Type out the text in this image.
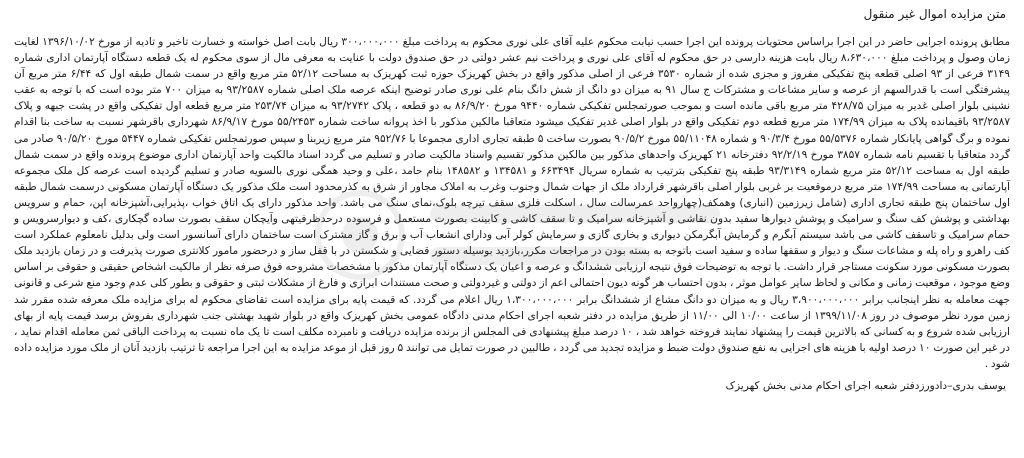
متن مزایده اموال غیر منقول

مطابق پرونده اجرایی حاضر در این اجرا براساس محتویات پرونده این اجرا حسب نیابت محکوم علیه آقای علی نوری محکوم به پرداخت مبلغ ۳۰۰،۰۰۰،۰۰۰ ریال بابت اصل خواسته و خسارت تاخیر و تادیه از مورخ ۱۳۹۶/۱۰/۰۲ لغایت زمان وصول و پرداخت مبلغ ۸،۶۳۰،۰۰۰ ریال بابت هزینه دارسی در حق محکوم له آقای علی نوری و پرداخت نیم عشر دولتی در حق صندوق دولت با عنایت به معرفی مال از سوی محکوم له یک قطعه دستگاه آپارتمان اداری شماره ۳۱۴۹ فرعی از ۹۳ اصلی قطعه پنج تفکیکی مفروز و مجزی شده از شماره ۳۵۳۰ فرعی از اصلی مذکور واقع در بخش کهریزک حوزه ثبت کهریزک به مساحت ۵۲/۱۲ متر مربع واقع در سمت شمال طبقه اول که ۶/۴۴ متر مربع آن پیشرفتگی است با قدرالسهم از عرصه و سایر مشاعات و مشترکات ج سال ۹۱ به میزان دو دانگ از شش دانگ بنام علی نوری صادر توضیح اینکه عرصه ملک اصلی شماره ۹۳/۲۵۸۷ به میزان ۷۰۰ متر بوده است که با توجه به عقب نشینی بلوار اصلی غدیر به میزان ۴۲۸/۷۵ متر مربع باقی مانده است و بموجب صورتمجلس تفکیکی شماره ۹۴۴۰ مورخ ۸۶/۹/۲۰ به دو قطعه ، پلاک ۹۳/۲۷۴۲ به میزان ۲۵۳/۷۴ متر مربع قطعه اول تفکیکی واقع در پشت جبهه و پلاک ۹۳/۲۵۸۷ باقیمانده پلاک به میزان ۱۷۴/۹۹ متر مربع قطعه دوم تفکیکی واقع در بلوار اصلی غدیر تفکیک میشود متعاقبا مالکین مذکور با اخذ پروانه ساخت شماره ۵۵/۲۴۵۳ مورخ ۸۶/۹/۱۷ شهرداری باقرشهر نسبت به ساخت بنا اقدام نموده و برگ گواهی پایانکار شماره ۵۵/۵۳۷۶ مورخ ۹۰/۳/۴ و شماره ۵۵/۱۱۰۴۸ مورخ ۹۰/۵/۲ بصورت ساخت ۵ طبقه تجاری اداری مجموعا با ۹۵۲/۷۶ متر مربع زیربنا و سپس صورتمجلس تفکیکی شماره ۵۴۴۷ مورخ ۹۰/۵/۲۰ صادر می گردد متعاقبا با تقسیم نامه شماره ۳۸۵۷ مورخ ۹۲/۲/۱۹ دفترخانه ۲۱ کهریزک واحدهای مذکور بین مالکین مذکور تقسیم واسناد مالکیت صادر و تسلیم می گردد اسناد مالکیت واحد آپارتمان اداری موضوع پرونده واقع در سمت شمال طبقه اول به مساحت ۵۲/۱۲ متر مربع شماره ۹۳/۳۱۴۹ طبقه پنج تفکیکی بترتیب به شماره سریال ۶۶۳۴۹۴ و ۱۳۴۵۸۱ و ۱۴۸۵۸۲ بنام حامد ،علی و وحید همگی نوری بالسویه صادر و تسلیم گردیده است عرصه کل ملک مجموعه آپارتمانی به مساحت ۱۷۴/۹۹ متر مربع درموقعیت بر غربی بلوار اصلی باقرشهر قرارداد ملک از جهات شمال وجنوب وغرب به املاک مجاور از شرق به کذرمحدود است ملک مذکور یک دستگاه آپارتمان مسکونی درسمت شمال طبقه اول ساختمان پنج طبقه تجاری اداری (شامل زیرزمین (انباری) وهمکف(چهارواحد عمرسالت سال ، اسکلت فلزی سقف تیرچه بلوک،نمای سنگ می باشد. واحد مذکور دارای یک اتاق خواب ،پذیرایی،آشپزخانه اپن، حمام و سرویس بهداشتی و پوشش کف سنگ و سرامیک و پوشش دیوارها سفید بدون نقاشی و آشپزخانه سرامیک و تا سقف کاشی و کابینت بصورت مستعمل و فرسوده درحدظرفیتهی وآیچکان سقف بصورت ساده گچکاری ،کف و دیوارسرویس و حمام سرامیک و تاسقف کاشی می باشد سیستم آبگرم و گرمایش آبگرمکن دیواری و بخاری گازی و سرمایش کولر آبی ودارای انشعاب آب و برق و گاز مشترک است ساختمان دارای آسانسور است ولی بدلیل نامعلوم عملکرد است کف راهرو و راه پله و مشاعات سنگ و دیوار و سقفها ساده و سفید است باتوجه به بسته بودن در مراجعات مکرر،بازدید بوسیله دستور قضایی و شکستن در با قفل ساز و درحضور مامور کلانتری صورت پذیرفت و در زمان بازدید ملک بصورت مسکونی مورد سکونت مستاجر قرار داشت. با توجه به توضیحات فوق نتیجه ارزیابی ششدانگ و عرصه و اعیان یک دستگاه آپارتمان مذکور با مشخصات مشروحه فوق صرفه نظر از مالکیت اشخاص حقیقی و حقوقی بر اساس وضع موجود ، موقعیت زمانی و مکانی و لحاظ سایر عوامل موثر ، بدون احتساب هر گونه دیون احتمالی اعم از دولتی و غیردولتی و صحت مستندات ابرازی و فارغ از مشکلات ثبتی و حقوقی و بطور کلی عدم وجود منع شرعی و قانونی جهت معامله به نظر اینجانب برابر ۳،۹۰۰،۰۰۰،۰۰۰ ریال و به میزان دو دانگ مشاع از ششدانگ برابر ۱،۳۰۰،۰۰۰،۰۰۰ ریال اعلام می گردد. که قیمت پایه برای مزایده است تقاضای محکوم له برای مزایده ملک معرفه شده مقرر شد زمین مورد نظر موصوف در روز ۱۳۹۹/۱۱/۰۸ از ساعت ۱۰/۰۰ الی ۱۱/۰۰ از طریق مزایده در دفتر شعبه اجرای احکام مدنی دادگاه عمومی بخش کهریزک واقع در بلوار شهید بهشتی جنب شهرداری بفروش برسد قیمت پایه از بهای ارزیابی شده شروع و به کسانی که بالاترین قیمت را پیشنهاد نمایند فروخته خواهد شد ، ۱۰ درصد مبلغ پیشنهادی فی المجلس از برنده مزایده دریافت و نامبرده مکلف است تا یک ماه نسبت به پرداخت الباقی ثمن معامله اقدام نماید ، در غیر این صورت ۱۰ درصد اولیه با هزینه های اجرایی به نفع صندوق دولت ضبط و مزایده تجدید می گردد ، طالبین در صورت تمایل می توانند ۵ روز قبل از موعد مزایده به این اجرا مراجعه تا ترتیب بازدید آنان از ملک مورد مزایده داده شود .

یوسف بدری–دادورزدفتر شعبه اجرای احکام مدنی بخش کهریزک
